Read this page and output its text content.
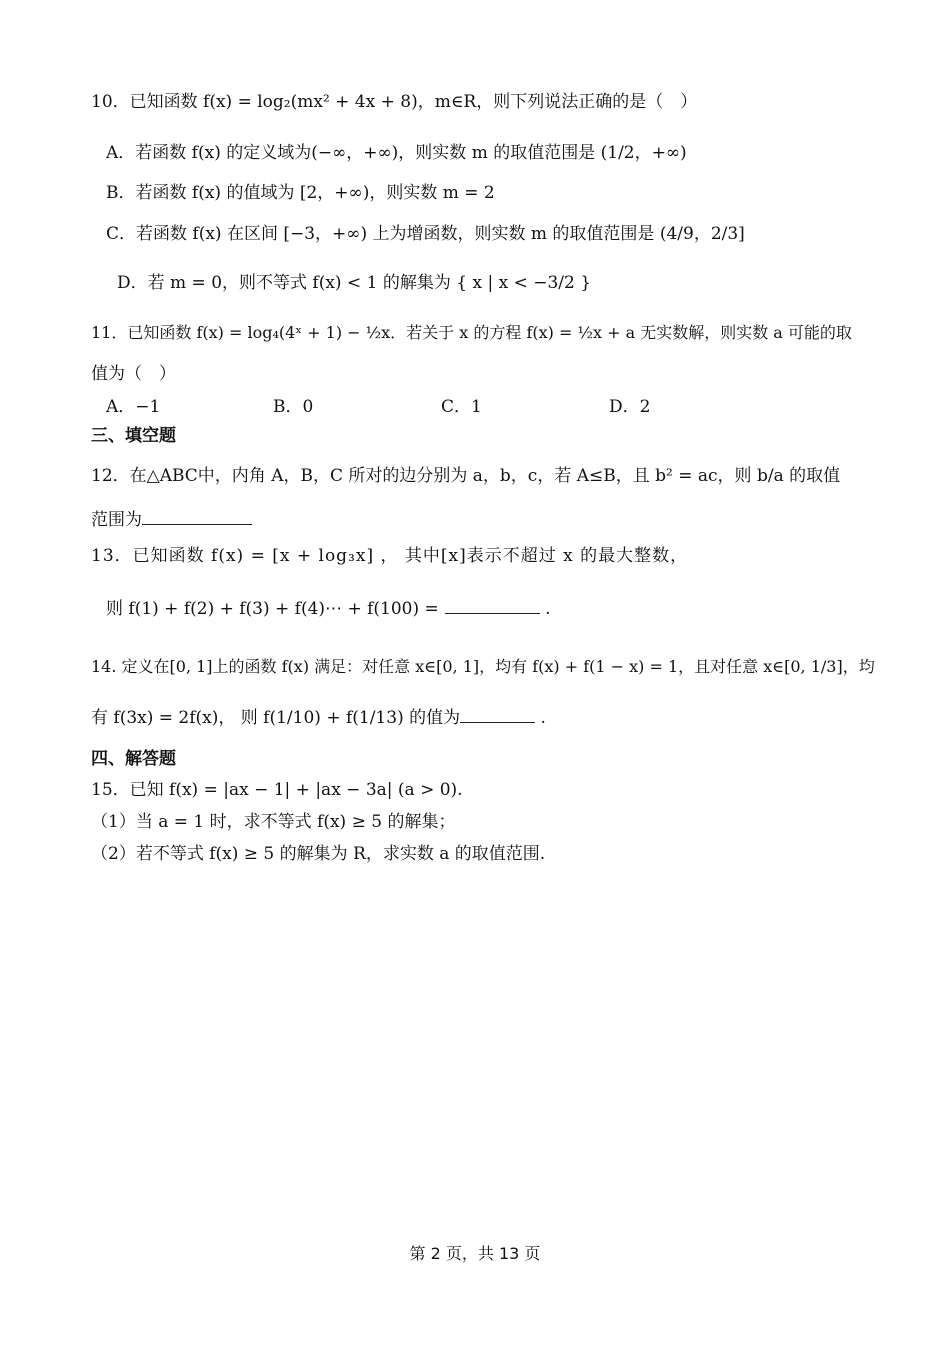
10．已知函数 f(x) = log₂(mx² + 4x + 8)，m∈R，则下列说法正确的是（　）
A．若函数 f(x) 的定义域为(−∞，+∞)，则实数 m 的取值范围是 (1/2，+∞)
B．若函数 f(x) 的值域为 [2，+∞)，则实数 m = 2
C．若函数 f(x) 在区间 [−3，+∞) 上为增函数，则实数 m 的取值范围是 (4/9，2/3]
D．若 m = 0，则不等式 f(x) < 1 的解集为 { x | x < −3/2 }
11．已知函数 f(x) = log₄(4ˣ + 1) − ½x．若关于 x 的方程 f(x) = ½x + a 无实数解，则实数 a 可能的取
值为（　）
A．−1	B．0	C．1	D．2
三、填空题
12．在△ABC中，内角 A，B，C 所对的边分别为 a，b，c，若 A≤B，且 b² = ac，则 b/a 的取值
范围为
13．已知函数 f(x) = [x + log₃x] ， 其中[x]表示不超过 x 的最大整数，
则 f(1) + f(2) + f(3) + f(4)⋯ + f(100) =	.
14. 定义在[0, 1]上的函数 f(x) 满足：对任意 x∈[0, 1]，均有 f(x) + f(1 − x) = 1，且对任意 x∈[0, 1/3]，均
有 f(3x) = 2f(x)， 则 f(1/10) + f(1/13) 的值为	.
四、解答题
15．已知 f(x) = |ax − 1| + |ax − 3a| (a > 0).
（1）当 a = 1 时，求不等式 f(x) ≥ 5 的解集；
（2）若不等式 f(x) ≥ 5 的解集为 R，求实数 a 的取值范围.
第 2 页，共 13 页
